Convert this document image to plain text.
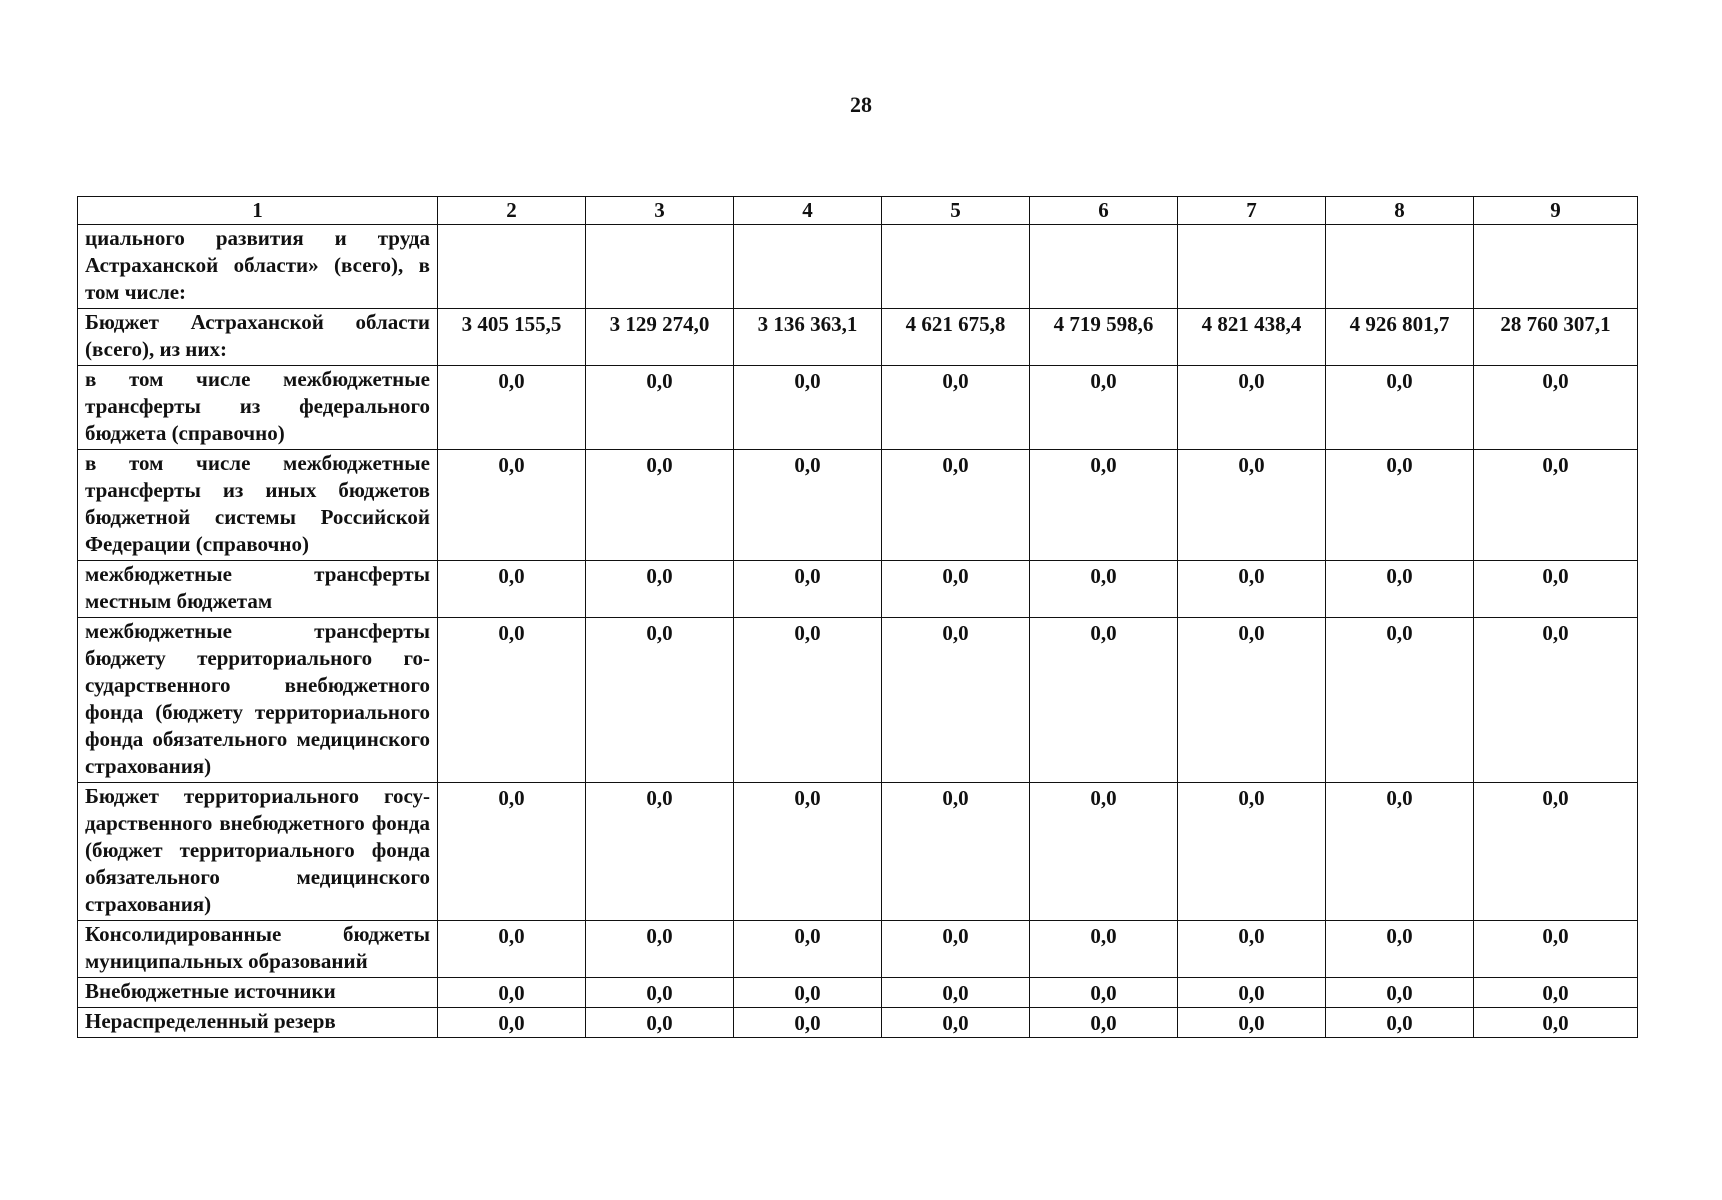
28
1	2	3	4	5	6	7	8	9
циального развития и труда Астраханской области» (всего), в том числе:								
Бюджет Астраханской области (всего), из них:	3 405 155,5	3 129 274,0	3 136 363,1	4 621 675,8	4 719 598,6	4 821 438,4	4 926 801,7	28 760 307,1
в том числе межбюджетные трансферты из федерального бюджета (справочно)	0,0	0,0	0,0	0,0	0,0	0,0	0,0	0,0
в том числе межбюджетные трансферты из иных бюджетов бюджетной системы Российской Федерации (справочно)	0,0	0,0	0,0	0,0	0,0	0,0	0,0	0,0
межбюджетные трансферты местным бюджетам	0,0	0,0	0,0	0,0	0,0	0,0	0,0	0,0
межбюджетные трансферты бюджету территориального государственного внебюджетного фонда (бюджету территориального фонда обязательного медицинского страхования)	0,0	0,0	0,0	0,0	0,0	0,0	0,0	0,0
Бюджет территориального государственного внебюджетного фонда (бюджет территориального фонда обязательного медицинского страхования)	0,0	0,0	0,0	0,0	0,0	0,0	0,0	0,0
Консолидированные бюджеты муниципальных образований	0,0	0,0	0,0	0,0	0,0	0,0	0,0	0,0
Внебюджетные источники	0,0	0,0	0,0	0,0	0,0	0,0	0,0	0,0
Нераспределенный резерв	0,0	0,0	0,0	0,0	0,0	0,0	0,0	0,0
